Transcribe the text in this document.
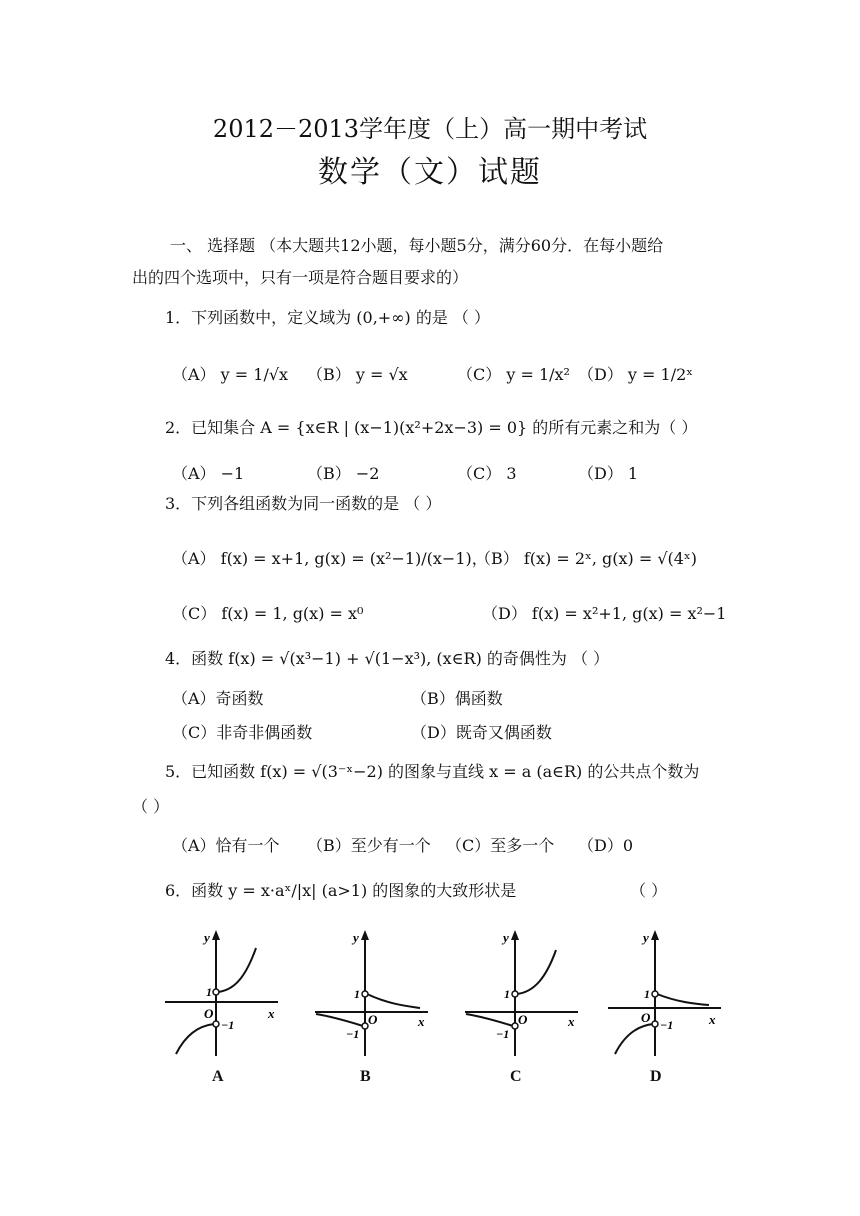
2012－2013学年度（上）高一期中考试
数学（文）试题
一、 选择题 （本大题共12小题，每小题5分，满分60分．在每小题给
出的四个选项中，只有一项是符合题目要求的）
1．下列函数中，定义域为 (0,+∞) 的是 （ ）
（A） y = 1/√x （B） y = √x	（C） y = 1/x² （D） y = 1/2ˣ
2．已知集合 A = {x∈R | (x−1)(x²+2x−3) = 0} 的所有元素之和为（ ）
（A） −1	（B） −2	（C） 3	（D） 1
3．下列各组函数为同一函数的是 （ ）
（A） f(x) = x+1, g(x) = (x²−1)/(x−1)，
（B） f(x) = 2ˣ, g(x) = √(4ˣ)
（C） f(x) = 1, g(x) = x⁰	（D） f(x) = x²+1, g(x) = x²−1
4．函数 f(x) = √(x³−1) + √(1−x³), (x∈R) 的奇偶性为 （ ）
（A）奇函数	（B）偶函数
（C）非奇非偶函数	（D）既奇又偶函数
5．已知函数 f(x) = √(3⁻ˣ−2) 的图象与直线 x = a (a∈R) 的公共点个数为
（ ）
（A）恰有一个 （B）至少有一个 （C）至多一个 （D）0
6．函数 y = x·aˣ/|x| (a>1) 的图象的大致形状是	（ ）
y
x
O
1
−1
A
y
x
O
1
−1
B
y
x
O
1
−1
C
y
x
O
1
−1
D
